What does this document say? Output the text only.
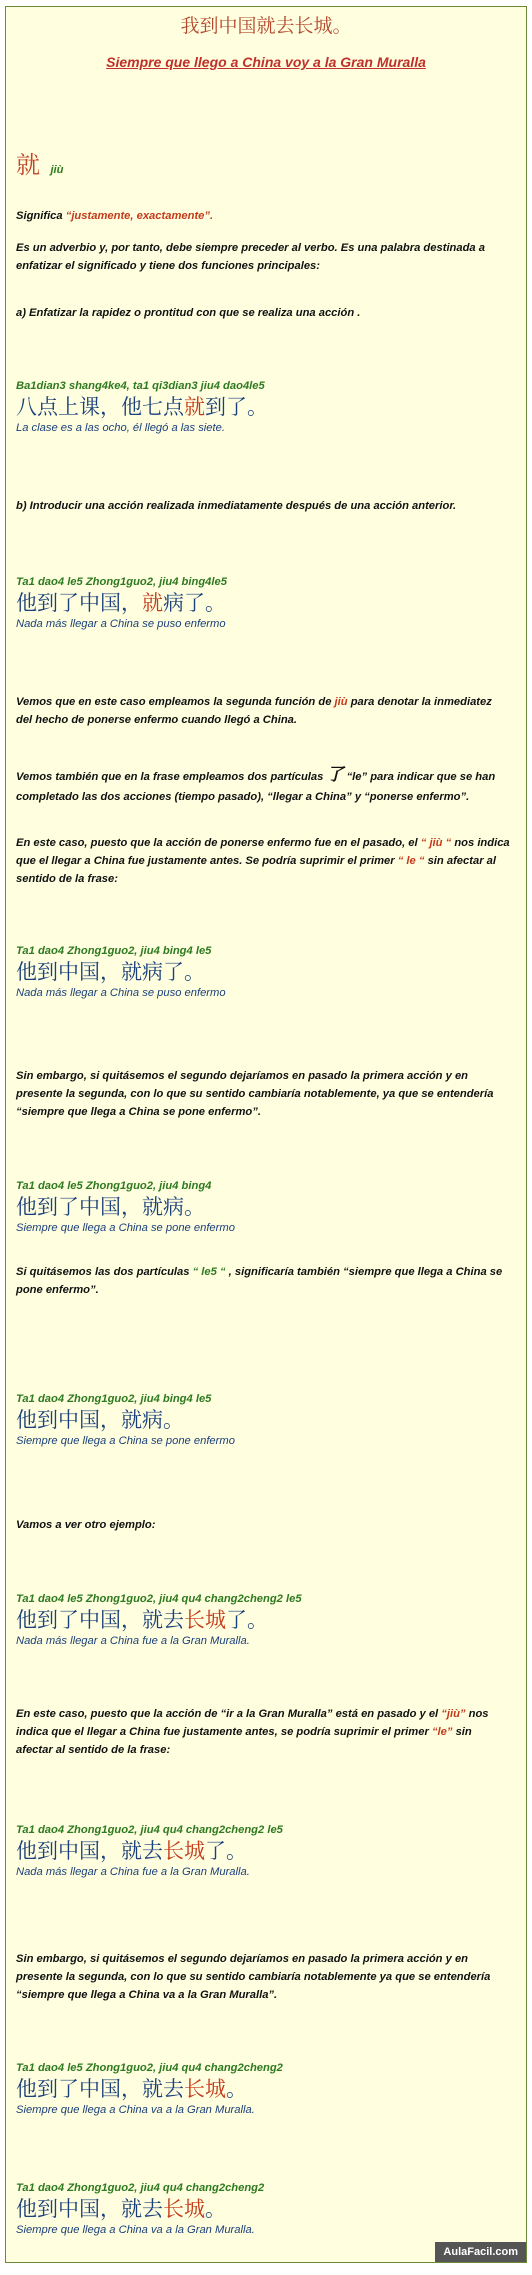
我到中国就去长城。
Siempre que llego a China voy a la Gran Muralla
就 jiù
Significa “justamente, exactamente”.
Es un adverbio y, por tanto, debe siempre preceder al verbo. Es una palabra destinada a enfatizar el significado y tiene dos funciones principales:
a) Enfatizar la rapidez o prontitud con que se realiza una acción .
Ba1dian3 shang4ke4, ta1 qi3dian3 jiu4 dao4le5
八点上课，他七点就到了。
La clase es a las ocho, él llegó a las siete.
b) Introducir una acción realizada inmediatamente después de una acción anterior.
Ta1 dao4 le5 Zhong1guo2, jiu4 bing4le5
他到了中国，就病了。
Nada más llegar a China se puso enfermo
Vemos que en este caso empleamos la segunda función de jiù para denotar la inmediatez del hecho de ponerse enfermo cuando llegó a China.
Vemos también que en la frase empleamos dos partículas 了 “le” para indicar que se han completado las dos acciones (tiempo pasado), “llegar a China” y “ponerse enfermo”.
En este caso, puesto que la acción de ponerse enfermo fue en el pasado, el “ jiù “ nos indica que el llegar a China fue justamente antes. Se podría suprimir el primer “ le “ sin afectar al sentido de la frase:
Ta1 dao4 Zhong1guo2, jiu4 bing4 le5
他到中国，就病了。
Nada más llegar a China se puso enfermo
Sin embargo, si quitásemos el segundo dejaríamos en pasado la primera acción y en presente la segunda, con lo que su sentido cambiaría notablemente, ya que se entendería “siempre que llega a China se pone enfermo”.
Ta1 dao4 le5 Zhong1guo2, jiu4 bing4
他到了中国，就病。
Siempre que llega a China se pone enfermo
Si quitásemos las dos partículas “ le5 “ , significaría también “siempre que llega a China se pone enfermo”.
Ta1 dao4 Zhong1guo2, jiu4 bing4 le5
他到中国，就病。
Siempre que llega a China se pone enfermo
Vamos a ver otro ejemplo:
Ta1 dao4 le5 Zhong1guo2, jiu4 qu4 chang2cheng2 le5
他到了中国，就去长城了。
Nada más llegar a China fue a la Gran Muralla.
En este caso, puesto que la acción de “ir a la Gran Muralla” está en pasado y el “jiù” nos indica que el llegar a China fue justamente antes, se podría suprimir el primer “le” sin afectar al sentido de la frase:
Ta1 dao4 Zhong1guo2, jiu4 qu4 chang2cheng2 le5
他到中国，就去长城了。
Nada más llegar a China fue a la Gran Muralla.
Sin embargo, si quitásemos el segundo dejaríamos en pasado la primera acción y en presente la segunda, con lo que su sentido cambiaría notablemente ya que se entendería “siempre que llega a China va a la Gran Muralla”.
Ta1 dao4 le5 Zhong1guo2, jiu4 qu4 chang2cheng2
他到了中国，就去长城。
Siempre que llega a China va a la Gran Muralla.
Ta1 dao4 Zhong1guo2, jiu4 qu4 chang2cheng2
他到中国，就去长城。
Siempre que llega a China va a la Gran Muralla.
AulaFacil.com
